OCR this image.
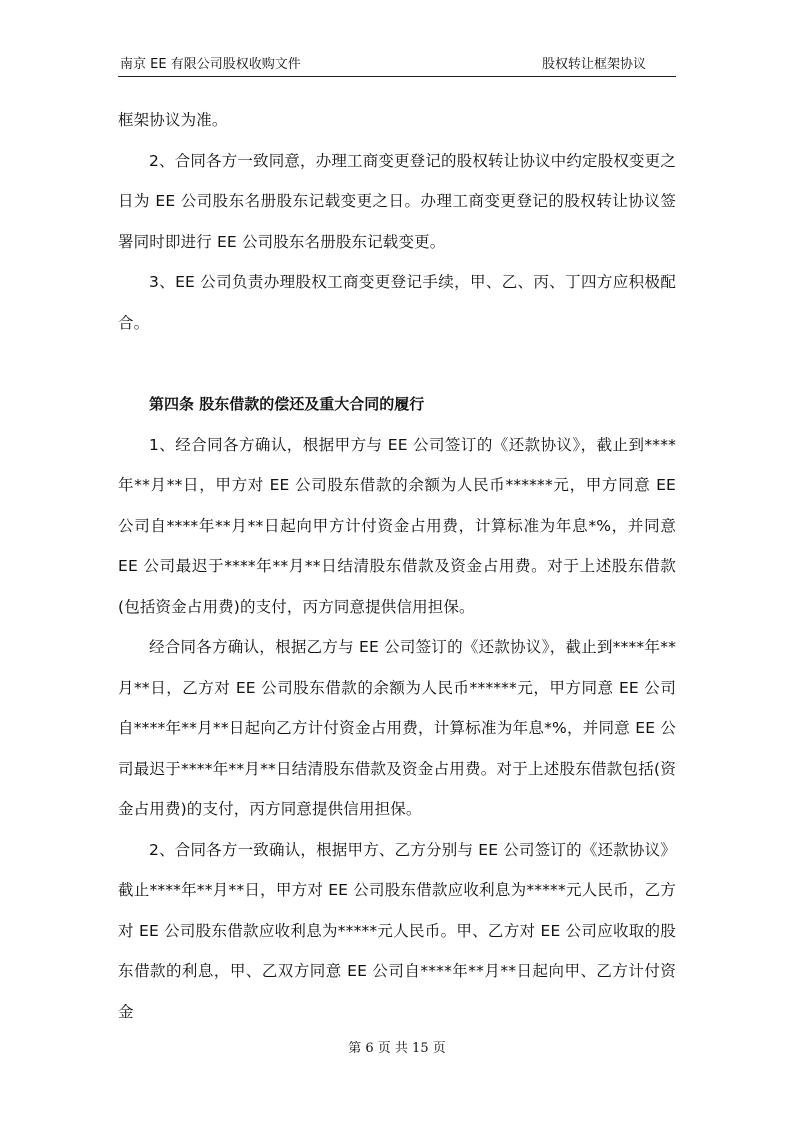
南京 EE 有限公司股权收购文件	股权转让框架协议

框架协议为准。

2、合同各方一致同意，办理工商变更登记的股权转让协议中约定股权变更之日为 EE 公司股东名册股东记载变更之日。办理工商变更登记的股权转让协议签署同时即进行 EE 公司股东名册股东记载变更。

3、EE 公司负责办理股权工商变更登记手续，甲、乙、丙、丁四方应积极配合。

第四条 股东借款的偿还及重大合同的履行

1、经合同各方确认，根据甲方与 EE 公司签订的《还款协议》，截止到****年**月**日，甲方对 EE 公司股东借款的余额为人民币******元，甲方同意 EE 公司自****年**月**日起向甲方计付资金占用费，计算标准为年息*%，并同意 EE 公司最迟于****年**月**日结清股东借款及资金占用费。对于上述股东借款(包括资金占用费)的支付，丙方同意提供信用担保。

经合同各方确认，根据乙方与 EE 公司签订的《还款协议》，截止到****年**月**日，乙方对 EE 公司股东借款的余额为人民币******元，甲方同意 EE 公司自****年**月**日起向乙方计付资金占用费，计算标准为年息*%，并同意 EE 公司最迟于****年**月**日结清股东借款及资金占用费。对于上述股东借款包括(资金占用费)的支付，丙方同意提供信用担保。

2、合同各方一致确认，根据甲方、乙方分别与 EE 公司签订的《还款协议》截止****年**月**日，甲方对 EE 公司股东借款应收利息为*****元人民币，乙方对 EE 公司股东借款应收利息为*****元人民币。甲、乙方对 EE 公司应收取的股东借款的利息，甲、乙双方同意 EE 公司自****年**月**日起向甲、乙方计付资金

第 6 页 共 15 页
